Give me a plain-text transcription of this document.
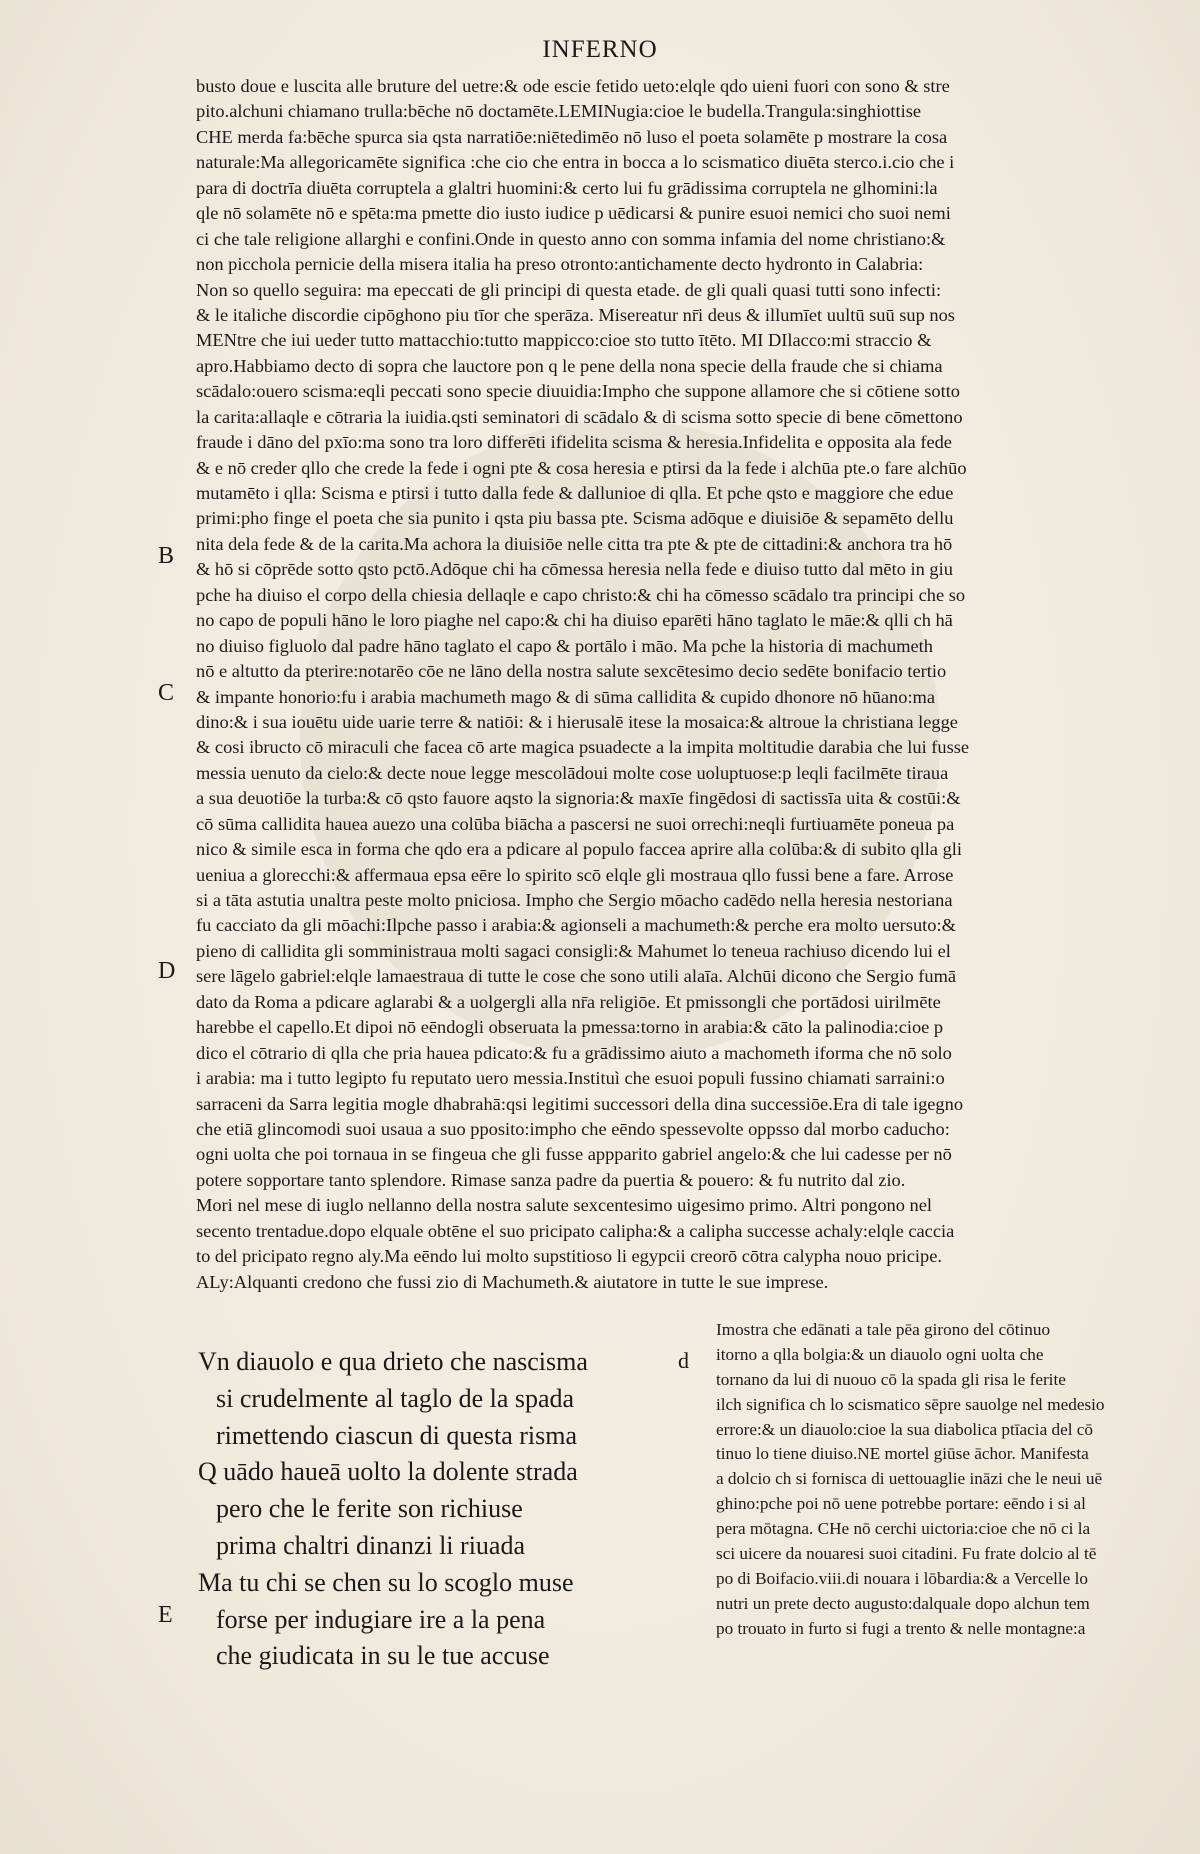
INFERNO
busto doue e luscita alle bruture del uetre:& ode escie fetido ueto:elqle qdo uieni fuori con sono & stre
pito.alchuni chiamano trulla:bēche nō doctamēte.LEMINugia:cioe le budella.Trangula:singhiottise
CHE merda fa:bēche spurca sia qsta narratiōe:niētedimēo nō luso el poeta solamēte p mostrare la cosa
naturale:Ma allegoricamēte significa :che cio che entra in bocca a lo scismatico diuēta sterco.i.cio che i
para di doctrīa diuēta corruptela a glaltri huomini:& certo lui fu grādissima corruptela ne glhomini:la
qle nō solamēte nō e spēta:ma pmette dio iusto iudice p uēdicarsi & punire esuoi nemici cho suoi nemi
ci che tale religione allarghi e confini.Onde in questo anno con somma infamia del nome christiano:&
non picchola pernicie della misera italia ha preso otronto:antichamente decto hydronto in Calabria:
Non so quello seguira: ma epeccati de gli principi di questa etade. de gli quali quasi tutti sono infecti:
& le italiche discordie cipōghono piu tīor che sperāza. Misereatur nr̄i deus & illumīet uultū suū sup nos
MENtre che iui ueder tutto mattacchio:tutto mappicco:cioe sto tutto ītēto. MI DIlacco:mi straccio &
apro.Habbiamo decto di sopra che lauctore pon q le pene della nona specie della fraude che si chiama
scādalo:ouero scisma:eqli peccati sono specie diuuidia:Impho che suppone allamore che si cōtiene sotto
la carita:allaqle e cōtraria la iuidia.qsti seminatori di scādalo & di scisma sotto specie di bene cōmettono
fraude i dāno del pxīo:ma sono tra loro differēti ifidelita scisma & heresia.Infidelita e opposita ala fede
& e nō creder qllo che crede la fede i ogni pte & cosa heresia e ptirsi da la fede i alchūa pte.o fare alchūo
mutamēto i qlla: Scisma e ptirsi i tutto dalla fede & dallunioe di qlla. Et pche qsto e maggiore che edue
primi:pho finge el poeta che sia punito i qsta piu bassa pte. Scisma adōque e diuisiōe & sepamēto dellu
nita dela fede & de la carita.Ma achora la diuisiōe nelle citta tra pte & pte de cittadini:& anchora tra hō
& hō si cōprēde sotto qsto pctō.Adōque chi ha cōmessa heresia nella fede e diuiso tutto dal mēto in giu
pche ha diuiso el corpo della chiesia dellaqle e capo christo:& chi ha cōmesso scādalo tra principi che so
no capo de populi hāno le loro piaghe nel capo:& chi ha diuiso eparēti hāno taglato le māe:& qlli ch hā
no diuiso figluolo dal padre hāno taglato el capo & portālo i māo. Ma pche la historia di machumeth
nō e altutto da pterire:notarēo cōe ne lāno della nostra salute sexcētesimo decio sedēte bonifacio tertio
& impante honorio:fu i arabia machumeth mago & di sūma callidita & cupido dhonore nō hūano:ma
dino:& i sua iouētu uide uarie terre & natiōi: & i hierusalē itese la mosaica:& altroue la christiana legge
& cosi ibructo cō miraculi che facea cō arte magica psuadecte a la impita moltitudie darabia che lui fusse
messia uenuto da cielo:& decte noue legge mescolādoui molte cose uoluptuose:p leqli facilmēte tiraua
a sua deuotiōe la turba:& cō qsto fauore aqsto la signoria:& maxīe fingēdosi di sactissīa uita & costūi:&
cō sūma callidita hauea auezo una colūba biācha a pascersi ne suoi orrechi:neqli furtiuamēte poneua pa
nico & simile esca in forma che qdo era a pdicare al populo faccea aprire alla colūba:& di subito qlla gli
ueniua a glorecchi:& affermaua epsa eēre lo spirito scō elqle gli mostraua qllo fussi bene a fare. Arrose
si a tāta astutia unaltra peste molto pniciosa. Impho che Sergio mōacho cadēdo nella heresia nestoriana
fu cacciato da gli mōachi:Ilpche passo i arabia:& agionseli a machumeth:& perche era molto uersuto:&
pieno di callidita gli somministraua molti sagaci consigli:& Mahumet lo teneua rachiuso dicendo lui el
sere lāgelo gabriel:elqle lamaestraua di tutte le cose che sono utili alaīa. Alchūi dicono che Sergio fumā
dato da Roma a pdicare aglarabi & a uolgergli alla nr̄a religiōe. Et pmissongli che portādosi uirilmēte
harebbe el capello.Et dipoi nō eēndogli obseruata la pmessa:torno in arabia:& cāto la palinodia:cioe p
dico el cōtrario di qlla che pria hauea pdicato:& fu a grādissimo aiuto a machometh iforma che nō solo
i arabia: ma i tutto legipto fu reputato uero messia.Instituì che esuoi populi fussino chiamati sarraini:o
sarraceni da Sarra legitia mogle dhabrahā:qsi legitimi successori della dina successiōe.Era di tale igegno
che etiā glincomodi suoi usaua a suo pposito:impho che eēndo spessevolte oppsso dal morbo caducho:
ogni uolta che poi tornaua in se fingeua che gli fusse appparito gabriel angelo:& che lui cadesse per nō
potere sopportare tanto splendore. Rimase sanza padre da puertia & pouero: & fu nutrito dal zio.
Mori nel mese di iuglo nellanno della nostra salute sexcentesimo uigesimo primo. Altri pongono nel
secento trentadue.dopo elquale obtēne el suo pricipato calipha:& a calipha successe achaly:elqle caccia
to del pricipato regno aly.Ma eēndo lui molto supstitioso li egypcii creorō cōtra calypha nouo pricipe.
ALy:Alquanti credono che fussi zio di Machumeth.& aiutatore in tutte le sue imprese.
B
C
D
E
Vn diauolo e qua drieto che nascisma
si crudelmente al taglo de la spada
rimettendo ciascun di questa risma
Q uādo haueā uolto la dolente strada
pero che le ferite son richiuse
prima chaltri dinanzi li riuada
Ma tu chi se chen su lo scoglo muse
forse per indugiare ire a la pena
che giudicata in su le tue accuse
d
Imostra che edānati a tale pēa gironο del cōtinuo
itorno a qlla bolgia:& un diauolo ogni uolta che
tornano da lui di nuouo cō la spada gli risa le ferite
ilch significa ch lo scismatico sēpre sauolge nel medesio
errore:& un diauolo:cioe la sua diabolica ptīacia del cō
tinuo lo tiene diuiso.NE mortel giūse āchor. Manifesta
a dolcio ch si fornisca di uettouaglie ināzi che le neui uē
ghino:pche poi nō uene potrebbe portare: eēndo i si al
pera mōtagna. CHe nō cerchi uictoria:cioe che nō ci la
sci uicere da nouaresi suoi citadini. Fu frate dolcio al tē
po di Boifacio.viii.di nouara i lōbardia:& a Vercelle lo
nutri un prete decto augusto:dalquale dopo alchun tem
po trouato in furto si fugi a trento & nelle montagne:a
